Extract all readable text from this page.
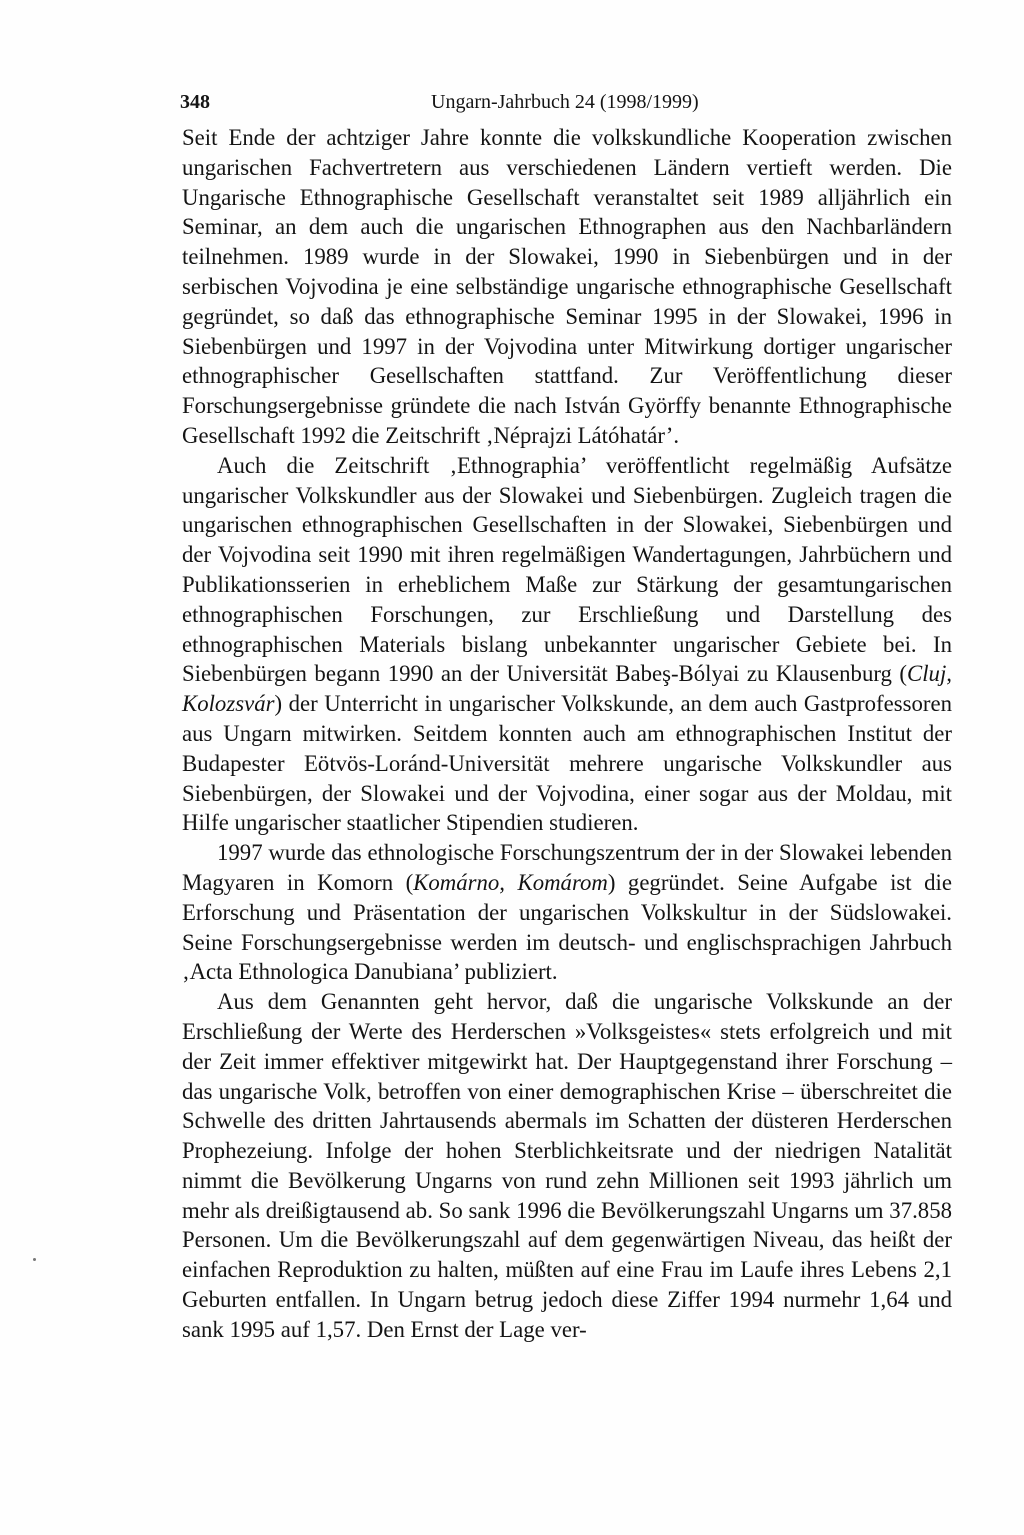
348	Ungarn-Jahrbuch 24 (1998/1999)

Seit Ende der achtziger Jahre konnte die volkskundliche Kooperation zwischen ungarischen Fachvertretern aus verschiedenen Ländern vertieft werden. Die Ungarische Ethnographische Gesellschaft veranstaltet seit 1989 alljährlich ein Seminar, an dem auch die ungarischen Ethnographen aus den Nachbarländern teilnehmen. 1989 wurde in der Slowakei, 1990 in Siebenbürgen und in der serbischen Vojvodina je eine selbständige ungarische ethnographische Gesellschaft gegründet, so daß das ethnographische Seminar 1995 in der Slowakei, 1996 in Siebenbürgen und 1997 in der Vojvodina unter Mitwirkung dortiger ungarischer ethnographischer Gesellschaften stattfand. Zur Veröffentlichung dieser Forschungsergebnisse gründete die nach István Györffy benannte Ethnographische Gesellschaft 1992 die Zeitschrift ‚Néprajzi Látóhatár’.

Auch die Zeitschrift ‚Ethnographia’ veröffentlicht regelmäßig Aufsätze ungarischer Volkskundler aus der Slowakei und Siebenbürgen. Zugleich tragen die ungarischen ethnographischen Gesellschaften in der Slowakei, Siebenbürgen und der Vojvodina seit 1990 mit ihren regelmäßigen Wandertagungen, Jahrbüchern und Publikationsserien in erheblichem Maße zur Stärkung der gesamtungarischen ethnographischen Forschungen, zur Erschließung und Darstellung des ethnographischen Materials bislang unbekannter ungarischer Gebiete bei. In Siebenbürgen begann 1990 an der Universität Babeş-Bólyai zu Klausenburg (Cluj, Kolozsvár) der Unterricht in ungarischer Volkskunde, an dem auch Gastprofessoren aus Ungarn mitwirken. Seitdem konnten auch am ethnographischen Institut der Budapester Eötvös-Loránd-Universität mehrere ungarische Volkskundler aus Siebenbürgen, der Slowakei und der Vojvodina, einer sogar aus der Moldau, mit Hilfe ungarischer staatlicher Stipendien studieren.

1997 wurde das ethnologische Forschungszentrum der in der Slowakei lebenden Magyaren in Komorn (Komárno, Komárom) gegründet. Seine Aufgabe ist die Erforschung und Präsentation der ungarischen Volkskultur in der Südslowakei. Seine Forschungsergebnisse werden im deutsch- und englischsprachigen Jahrbuch ‚Acta Ethnologica Danubiana’ publiziert.

Aus dem Genannten geht hervor, daß die ungarische Volkskunde an der Erschließung der Werte des Herderschen »Volksgeistes« stets erfolgreich und mit der Zeit immer effektiver mitgewirkt hat. Der Hauptgegenstand ihrer Forschung – das ungarische Volk, betroffen von einer demographischen Krise – überschreitet die Schwelle des dritten Jahrtausends abermals im Schatten der düsteren Herderschen Prophezeiung. Infolge der hohen Sterblichkeitsrate und der niedrigen Natalität nimmt die Bevölkerung Ungarns von rund zehn Millionen seit 1993 jährlich um mehr als dreißigtausend ab. So sank 1996 die Bevölkerungszahl Ungarns um 37.858 Personen. Um die Bevölkerungszahl auf dem gegenwärtigen Niveau, das heißt der einfachen Reproduktion zu halten, müßten auf eine Frau im Laufe ihres Lebens 2,1 Geburten entfallen. In Ungarn betrug jedoch diese Ziffer 1994 nurmehr 1,64 und sank 1995 auf 1,57. Den Ernst der Lage ver-
